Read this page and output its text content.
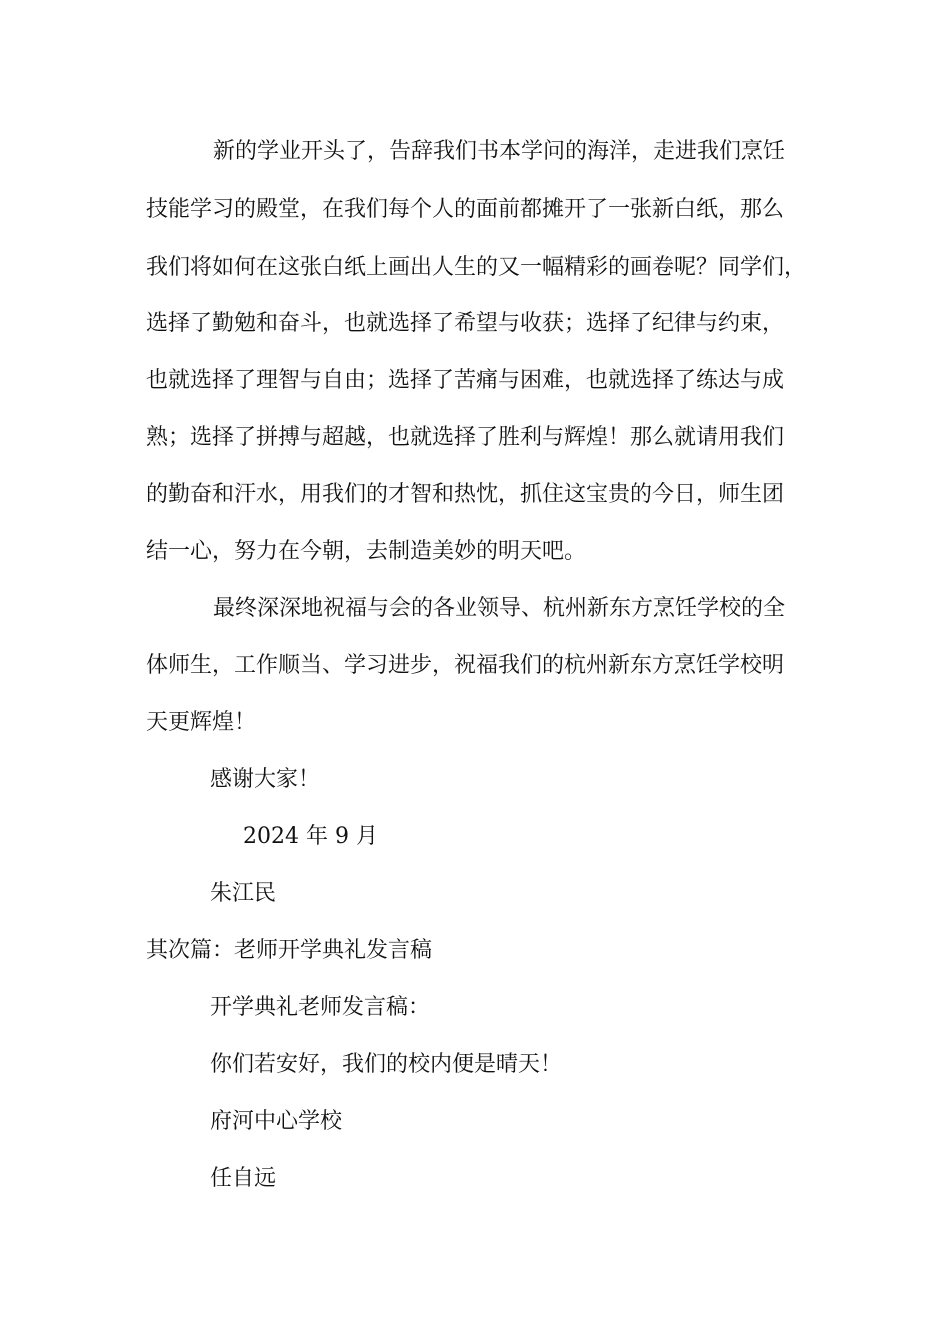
新的学业开头了，告辞我们书本学问的海洋，走进我们烹饪

技能学习的殿堂，在我们每个人的面前都摊开了一张新白纸，那么

我们将如何在这张白纸上画出人生的又一幅精彩的画卷呢？同学们，

选择了勤勉和奋斗，也就选择了希望与收获；选择了纪律与约束，

也就选择了理智与自由；选择了苦痛与困难，也就选择了练达与成

熟；选择了拼搏与超越，也就选择了胜利与辉煌！那么就请用我们

的勤奋和汗水，用我们的才智和热忱，抓住这宝贵的今日，师生团

结一心，努力在今朝，去制造美妙的明天吧。

最终深深地祝福与会的各业领导、杭州新东方烹饪学校的全

体师生，工作顺当、学习进步，祝福我们的杭州新东方烹饪学校明

天更辉煌！

感谢大家！

2024 年 9 月

朱江民

其次篇：老师开学典礼发言稿

开学典礼老师发言稿：

你们若安好，我们的校内便是晴天！

府河中心学校

任自远
